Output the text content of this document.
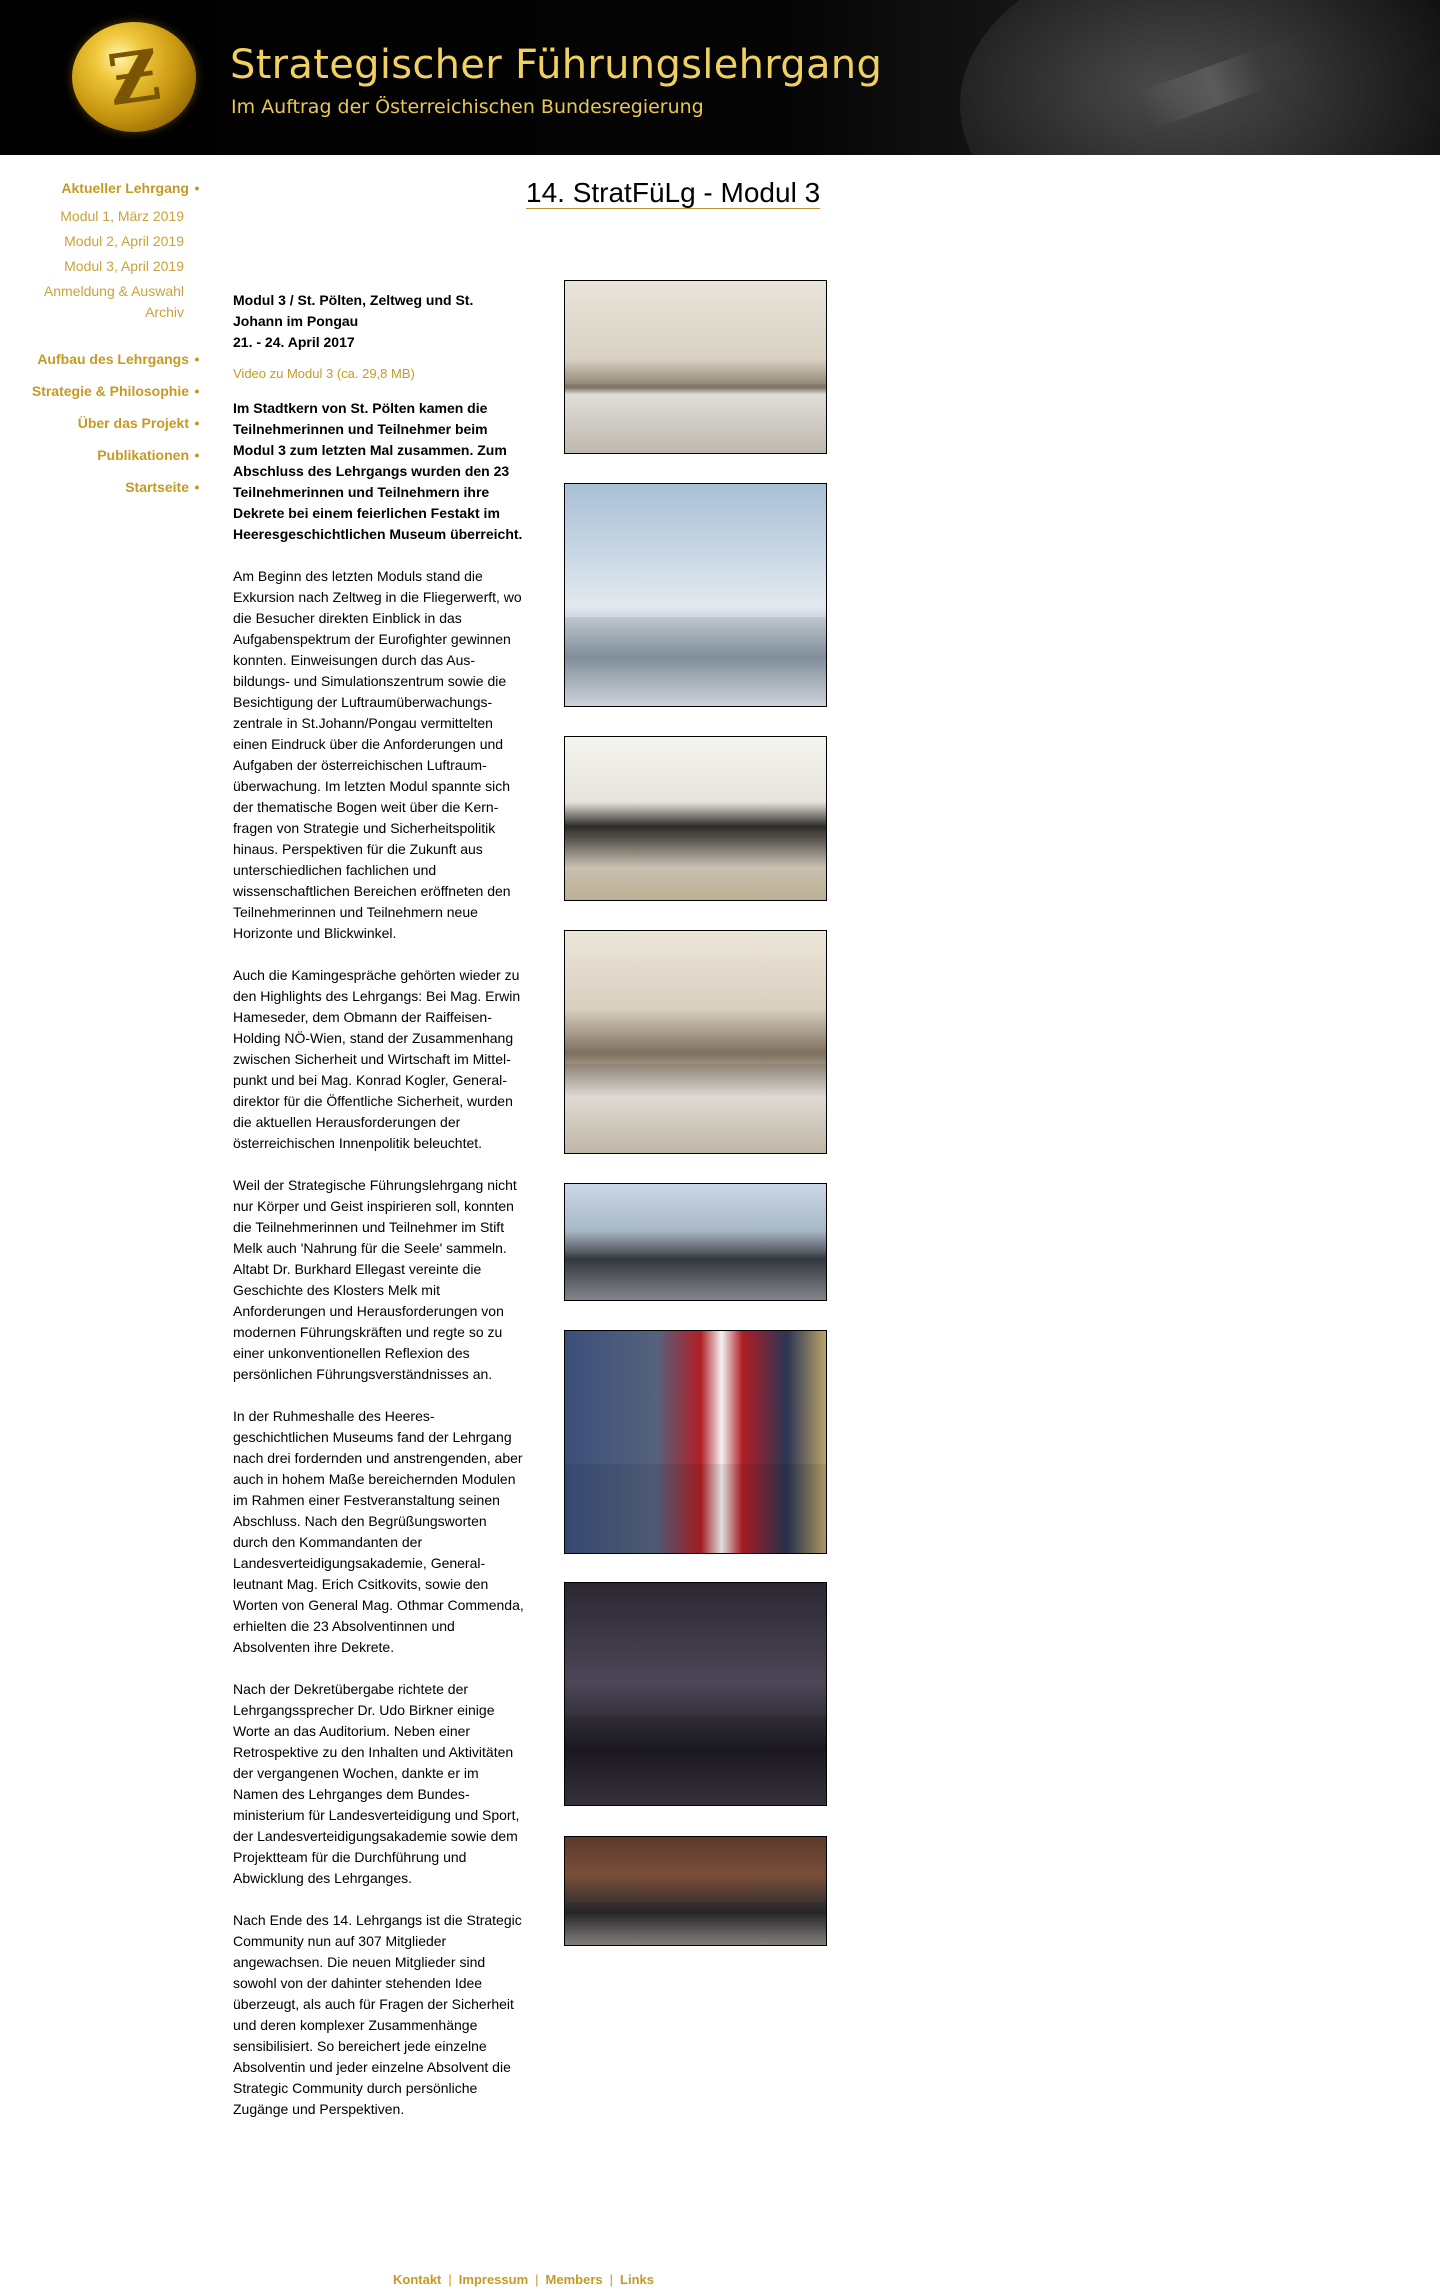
Ƶ	Strategischer Führungslehrgang
Im Auftrag der Österreichischen Bundesregierung
Aktueller Lehrgang •
Modul 1, März 2019
Modul 2, April 2019
Modul 3, April 2019
Anmeldung & Auswahl
Archiv
Aufbau des Lehrgangs •
Strategie & Philosophie •
Über das Projekt •
Publikationen •
Startseite •
14. StratFüLg - Modul 3
Modul 3 / St. Pölten, Zeltweg und St. Johann im Pongau
21. - 24. April 2017
Video zu Modul 3 (ca. 29,8 MB)
Im Stadtkern von St. Pölten kamen die Teilnehmerinnen und Teilnehmer beim Modul 3 zum letzten Mal zusammen. Zum Abschluss des Lehrgangs wurden den 23 Teilnehmerinnen und Teilnehmern ihre Dekrete bei einem feierlichen Festakt im Heeresgeschichtlichen Museum überreicht.

Am Beginn des letzten Moduls stand die Exkursion nach Zeltweg in die Fliegerwerft, wo die Besucher direkten Einblick in das Aufgabenspektrum der Eurofighter gewinnen konnten. Einweisungen durch das Ausbildungs- und Simulationszentrum sowie die Besichtigung der Luftraumüberwachungszentrale in St.Johann/Pongau vermittelten einen Eindruck über die Anforderungen und Aufgaben der österreichischen Luftraumüberwachung. Im letzten Modul spannte sich der thematische Bogen weit über die Kernfragen von Strategie und Sicherheitspolitik hinaus. Perspektiven für die Zukunft aus unterschiedlichen fachlichen und wissenschaftlichen Bereichen eröffneten den Teilnehmerinnen und Teilnehmern neue Horizonte und Blickwinkel.

Auch die Kamingespräche gehörten wieder zu den Highlights des Lehrgangs: Bei Mag. Erwin Hameseder, dem Obmann der Raiffeisen-Holding NÖ-Wien, stand der Zusammenhang zwischen Sicherheit und Wirtschaft im Mittelpunkt und bei Mag. Konrad Kogler, Generaldirektor für die Öffentliche Sicherheit, wurden die aktuellen Herausforderungen der österreichischen Innenpolitik beleuchtet.

Weil der Strategische Führungslehrgang nicht nur Körper und Geist inspirieren soll, konnten die Teilnehmerinnen und Teilnehmer im Stift Melk auch 'Nahrung für die Seele' sammeln. Altabt Dr. Burkhard Ellegast vereinte die Geschichte des Klosters Melk mit Anforderungen und Herausforderungen von modernen Führungskräften und regte so zu einer unkonventionellen Reflexion des persönlichen Führungsverständnisses an.

In der Ruhmeshalle des Heeresgeschichtlichen Museums fand der Lehrgang nach drei fordernden und anstrengenden, aber auch in hohem Maße bereichernden Modulen im Rahmen einer Festveranstaltung seinen Abschluss. Nach den Begrüßungsworten durch den Kommandanten der Landesverteidigungsakademie, Generalleutnant Mag. Erich Csitkovits, sowie den Worten von General Mag. Othmar Commenda, erhielten die 23 Absolventinnen und Absolventen ihre Dekrete.

Nach der Dekretübergabe richtete der Lehrgangssprecher Dr. Udo Birkner einige Worte an das Auditorium. Neben einer Retrospektive zu den Inhalten und Aktivitäten der vergangenen Wochen, dankte er im Namen des Lehrganges dem Bundesministerium für Landesverteidigung und Sport, der Landesverteidigungsakademie sowie dem Projektteam für die Durchführung und Abwicklung des Lehrganges.

Nach Ende des 14. Lehrgangs ist die Strategic Community nun auf 307 Mitglieder angewachsen. Die neuen Mitglieder sind sowohl von der dahinter stehenden Idee überzeugt, als auch für Fragen der Sicherheit und deren komplexer Zusammenhänge sensibilisiert. So bereichert jede einzelne Absolventin und jeder einzelne Absolvent die Strategic Community durch persönliche Zugänge und Perspektiven.

Kontakt | Impressum | Members | Links
